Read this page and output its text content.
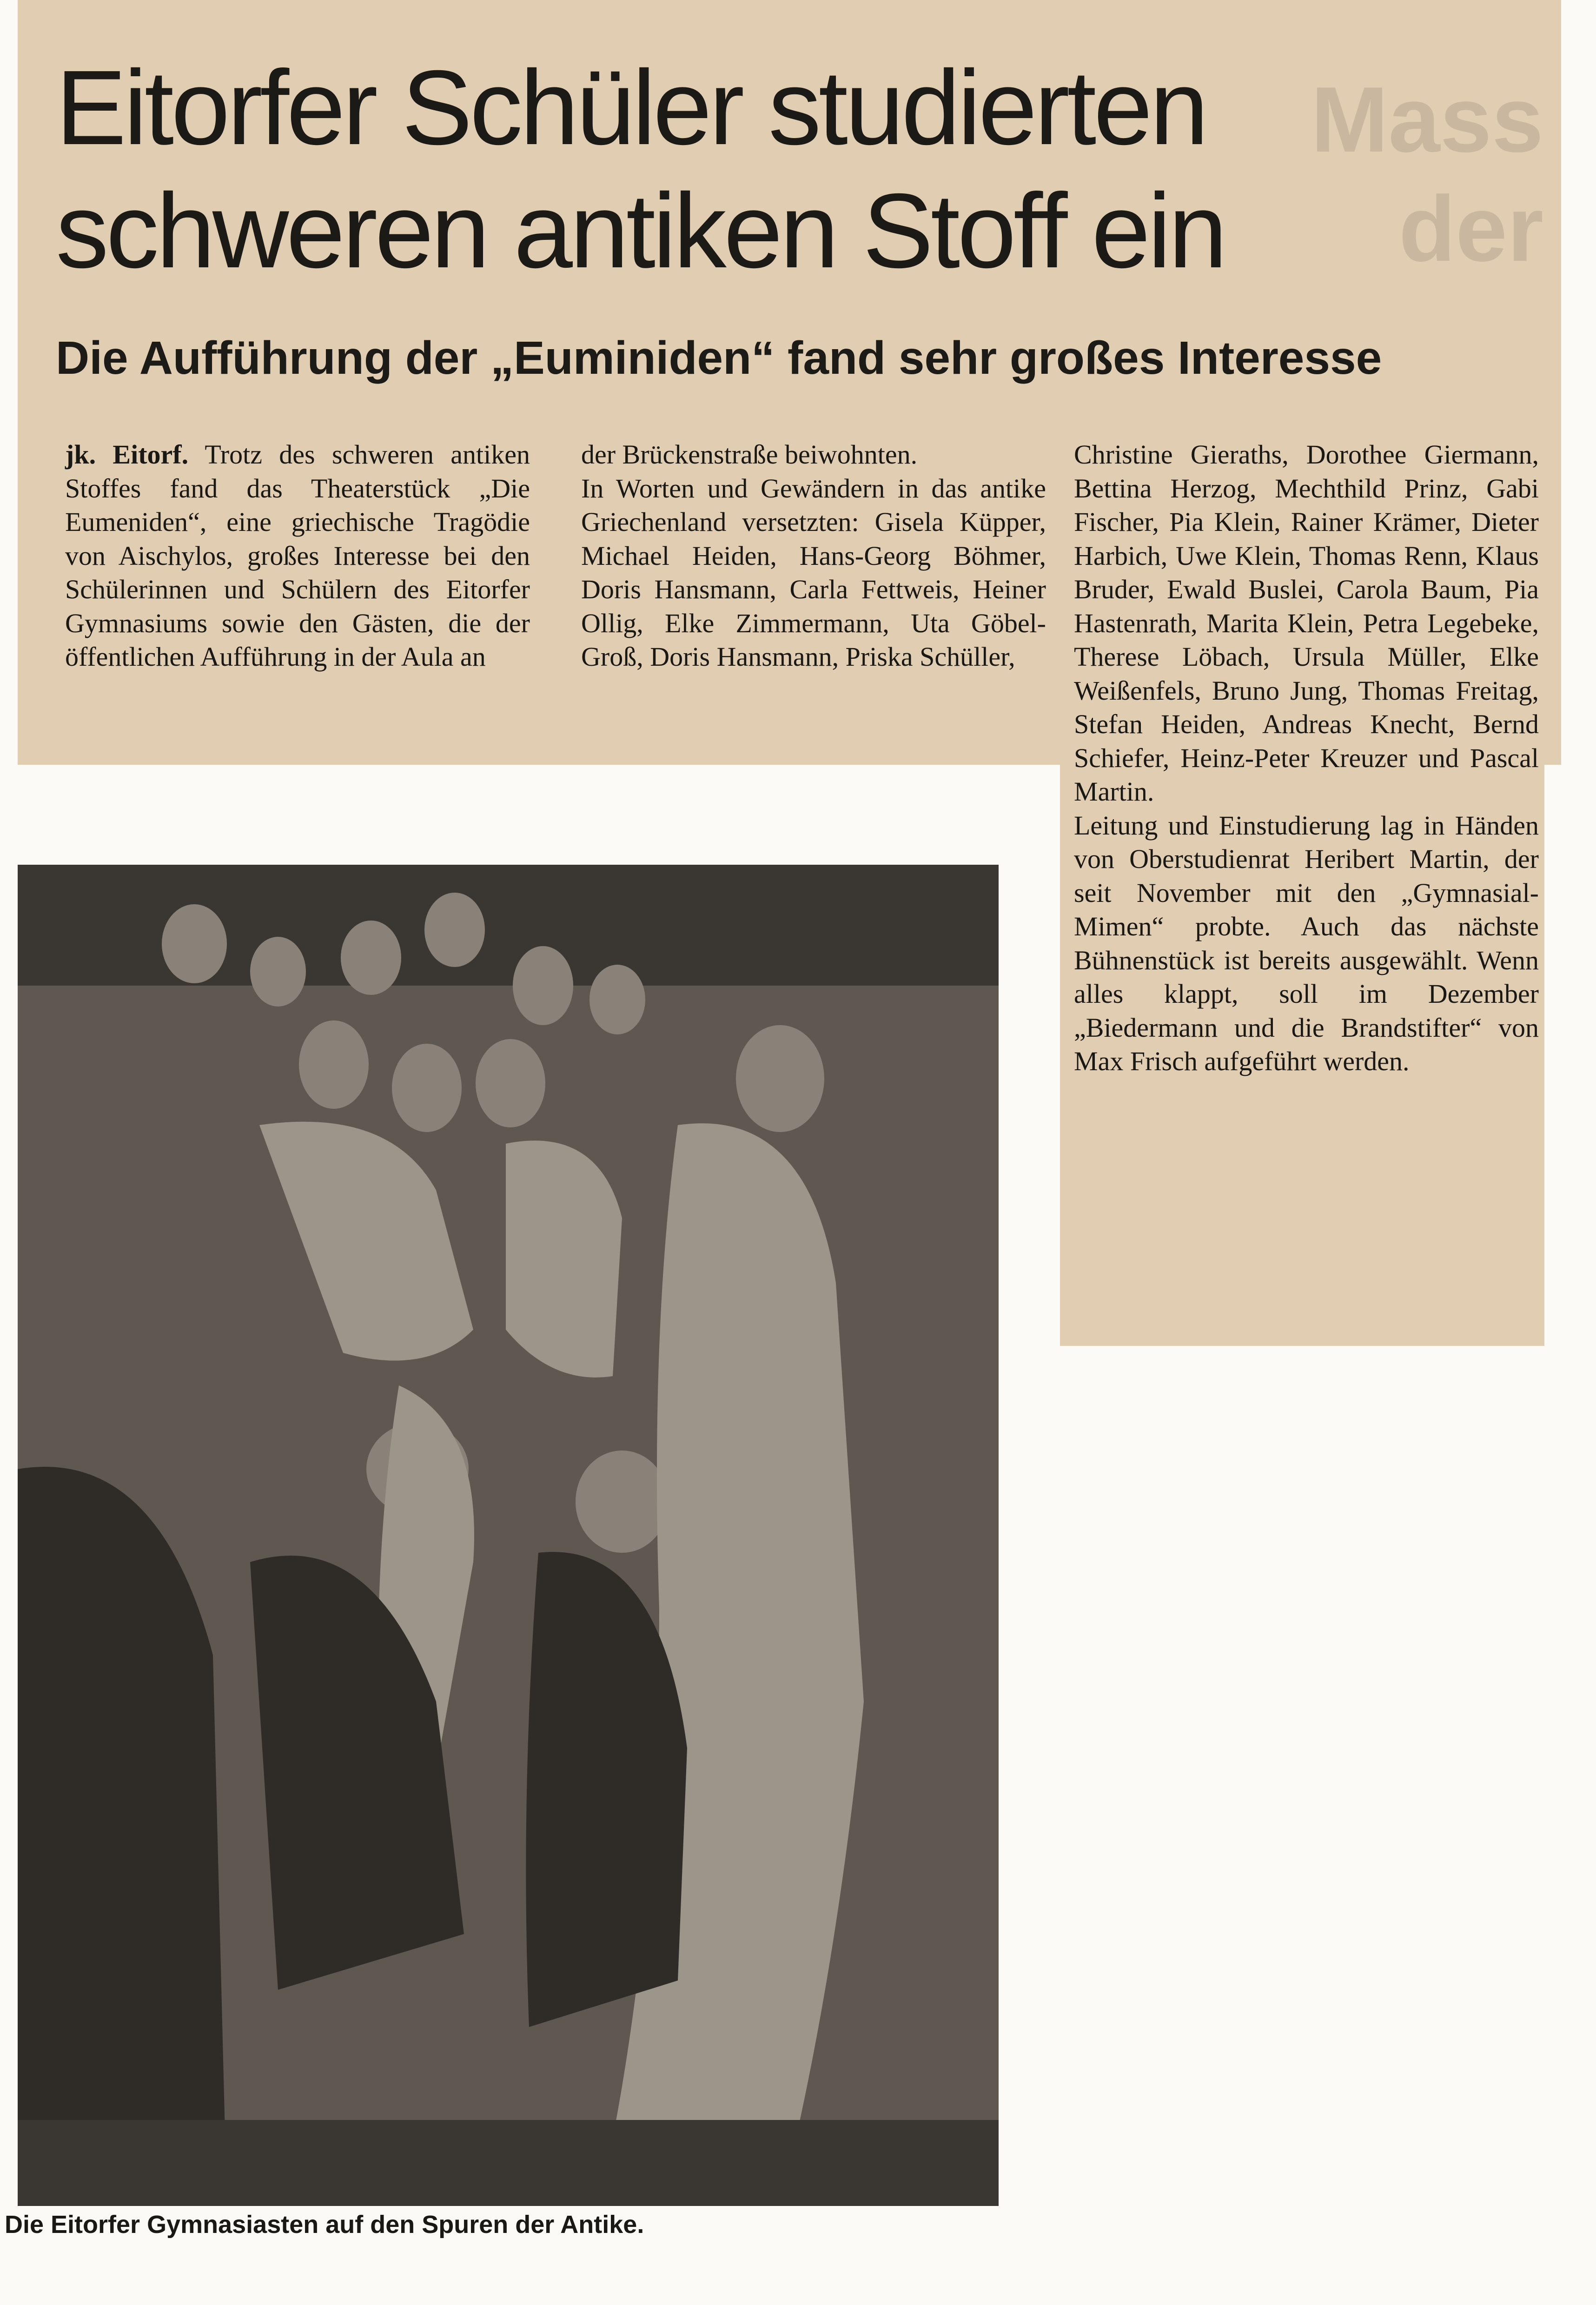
Mass
der
Eitorfer Schüler studierten schweren antiken Stoff ein
Die Aufführung der „Euminiden“ fand sehr großes Interesse
jk. Eitorf. Trotz des schweren antiken Stoffes fand das Theaterstück „Die Eumeniden“, eine griechische Tragödie von Aischylos, großes Interesse bei den Schülerinnen und Schülern des Eitorfer Gymnasiums sowie den Gästen, die der öffentlichen Aufführung in der Aula an
der Brückenstraße beiwohnten.
In Worten und Gewändern in das antike Griechenland versetzten: Gisela Küpper, Michael Heiden, Hans-Georg Böhmer, Doris Hansmann, Carla Fettweis, Heiner Ollig, Elke Zimmermann, Uta Göbel-Groß, Doris Hansmann, Priska Schüller,
Christine Gieraths, Dorothee Giermann, Bettina Herzog, Mechthild Prinz, Gabi Fischer, Pia Klein, Rainer Krämer, Dieter Harbich, Uwe Klein, Thomas Renn, Klaus Bruder, Ewald Buslei, Carola Baum, Pia Hastenrath, Marita Klein, Petra Legebeke, Therese Löbach, Ursula Müller, Elke Weißenfels, Bruno Jung, Thomas Freitag, Stefan Heiden, Andreas Knecht, Bernd Schiefer, Heinz-Peter Kreuzer und Pascal Martin.
Leitung und Einstudierung lag in Händen von Oberstudienrat Heribert Martin, der seit November mit den „Gymnasial-Mimen“ probte. Auch das nächste Bühnenstück ist bereits ausgewählt. Wenn alles klappt, soll im Dezember „Biedermann und die Brandstifter“ von Max Frisch aufgeführt werden.
Die Eitorfer Gymnasiasten auf den Spuren der Antike.
